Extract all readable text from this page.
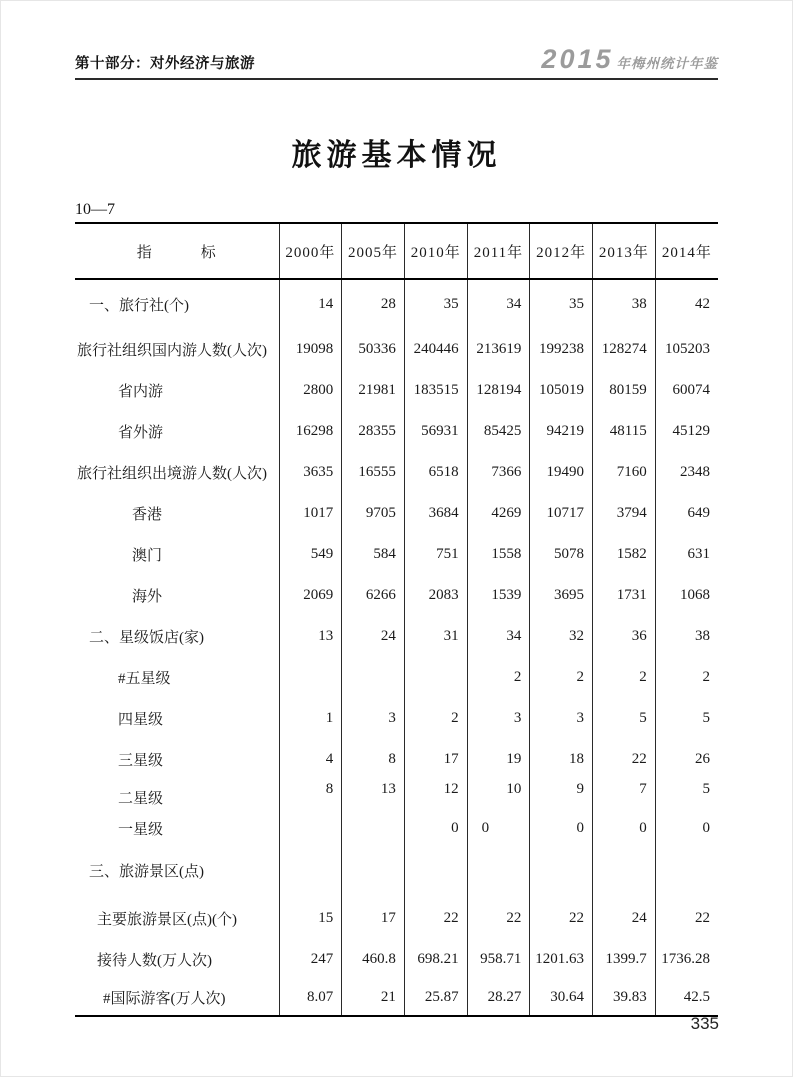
第十部分：对外经济与旅游	2015 年梅州统计年鉴
旅游基本情况
10—7
指　　　标	2000年	2005年	2010年	2011年	2012年	2013年	2014年
一、旅行社(个)	14	28	35	34	35	38	42
旅行社组织国内游人数(人次)	19098	50336	240446	213619	199238	128274	105203
省内游	2800	21981	183515	128194	105019	80159	60074
省外游	16298	28355	56931	85425	94219	48115	45129
旅行社组织出境游人数(人次)	3635	16555	6518	7366	19490	7160	2348
香港	1017	9705	3684	4269	10717	3794	649
澳门	549	584	751	1558	5078	1582	631
海外	2069	6266	2083	1539	3695	1731	1068
二、星级饭店(家)	13	24	31	34	32	36	38
#五星级				2	2	2	2
四星级	1	3	2	3	3	5	5
三星级	4	8	17	19	18	22	26
二星级	8	13	12	10	9	7	5
一星级			0	0	0	0	0
三、旅游景区(点)							
主要旅游景区(点)(个)	15	17	22	22	22	24	22
接待人数(万人次)	247	460.8	698.21	958.71	1201.63	1399.7	1736.28
#国际游客(万人次)	8.07	21	25.87	28.27	30.64	39.83	42.5
335
